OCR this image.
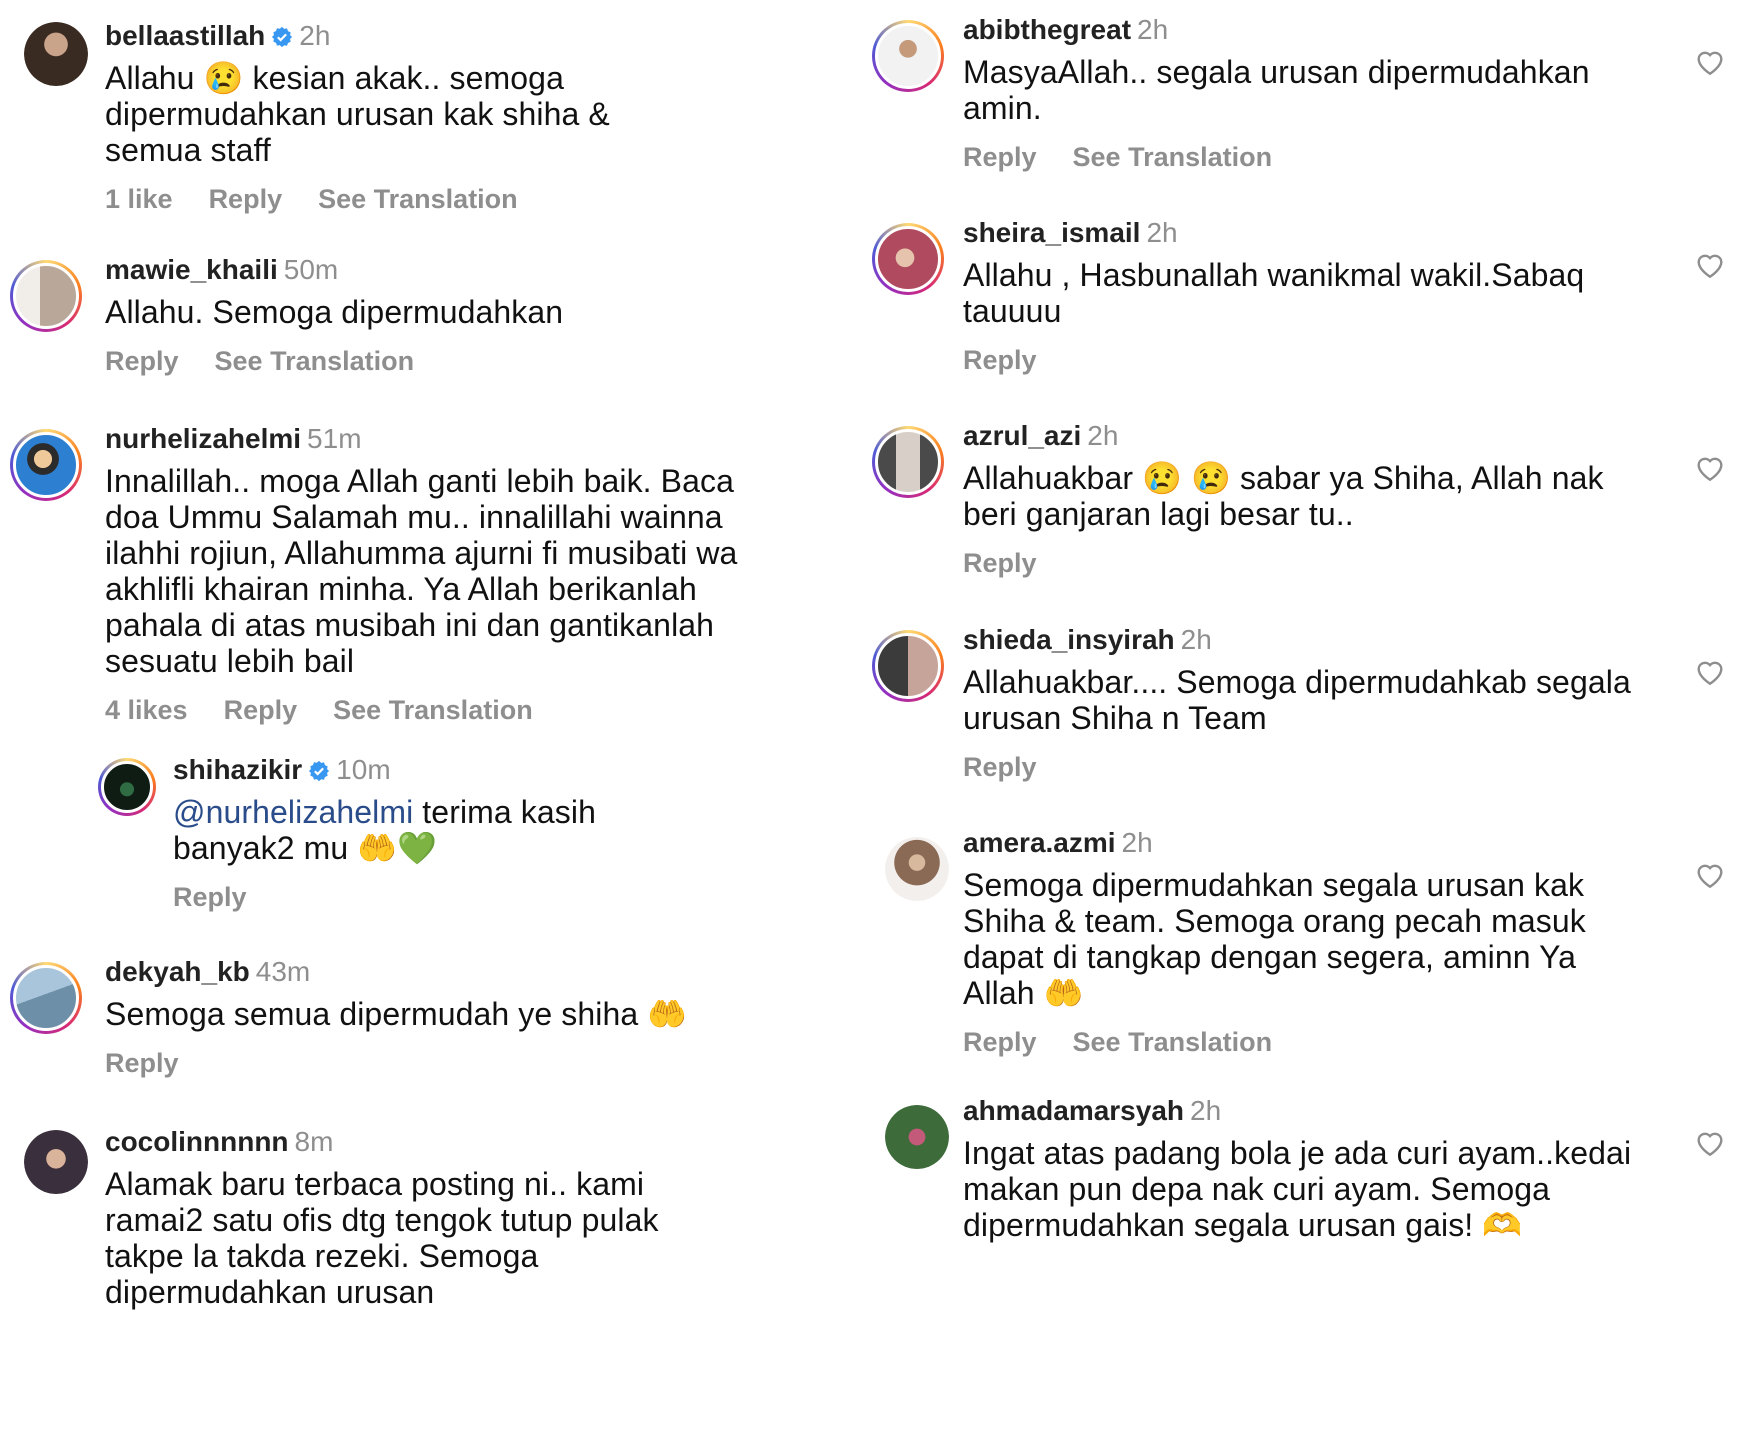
bellaastillah 2h
Allahu 😢 kesian akak.. semoga dipermudahkan urusan kak shiha & semua staff
1 like Reply See Translation
mawie_khaili 50m
Allahu. Semoga dipermudahkan
Reply See Translation
nurhelizahelmi 51m
Innalillah.. moga Allah ganti lebih baik. Baca doa Ummu Salamah mu.. innalillahi wainna ilahhi rojiun, Allahumma ajurni fi musibati wa akhlifli khairan minha. Ya Allah berikanlah pahala di atas musibah ini dan gantikanlah sesuatu lebih bail
4 likes Reply See Translation
shihazikir 10m
@nurhelizahelmi terima kasih banyak2 mu 🤲💚
Reply
dekyah_kb 43m
Semoga semua dipermudah ye shiha 🤲
Reply
cocolinnnnnn 8m
Alamak baru terbaca posting ni.. kami ramai2 satu ofis dtg tengok tutup pulak takpe la takda rezeki. Semoga dipermudahkan urusan
abibthegreat 2h
MasyaAllah.. segala urusan dipermudahkan amin.
Reply See Translation
sheira_ismail 2h
Allahu , Hasbunallah wanikmal wakil.Sabaq tauuuu
Reply
azrul_azi 2h
Allahuakbar 😢 😢 sabar ya Shiha, Allah nak beri ganjaran lagi besar tu..
Reply
shieda_insyirah 2h
Allahuakbar.... Semoga dipermudahkab segala urusan Shiha n Team
Reply
amera.azmi 2h
Semoga dipermudahkan segala urusan kak Shiha & team. Semoga orang pecah masuk dapat di tangkap dengan segera, aminn Ya Allah 🤲
Reply See Translation
ahmadamarsyah 2h
Ingat atas padang bola je ada curi ayam..kedai makan pun depa nak curi ayam. Semoga dipermudahkan segala urusan gais! 🫶
